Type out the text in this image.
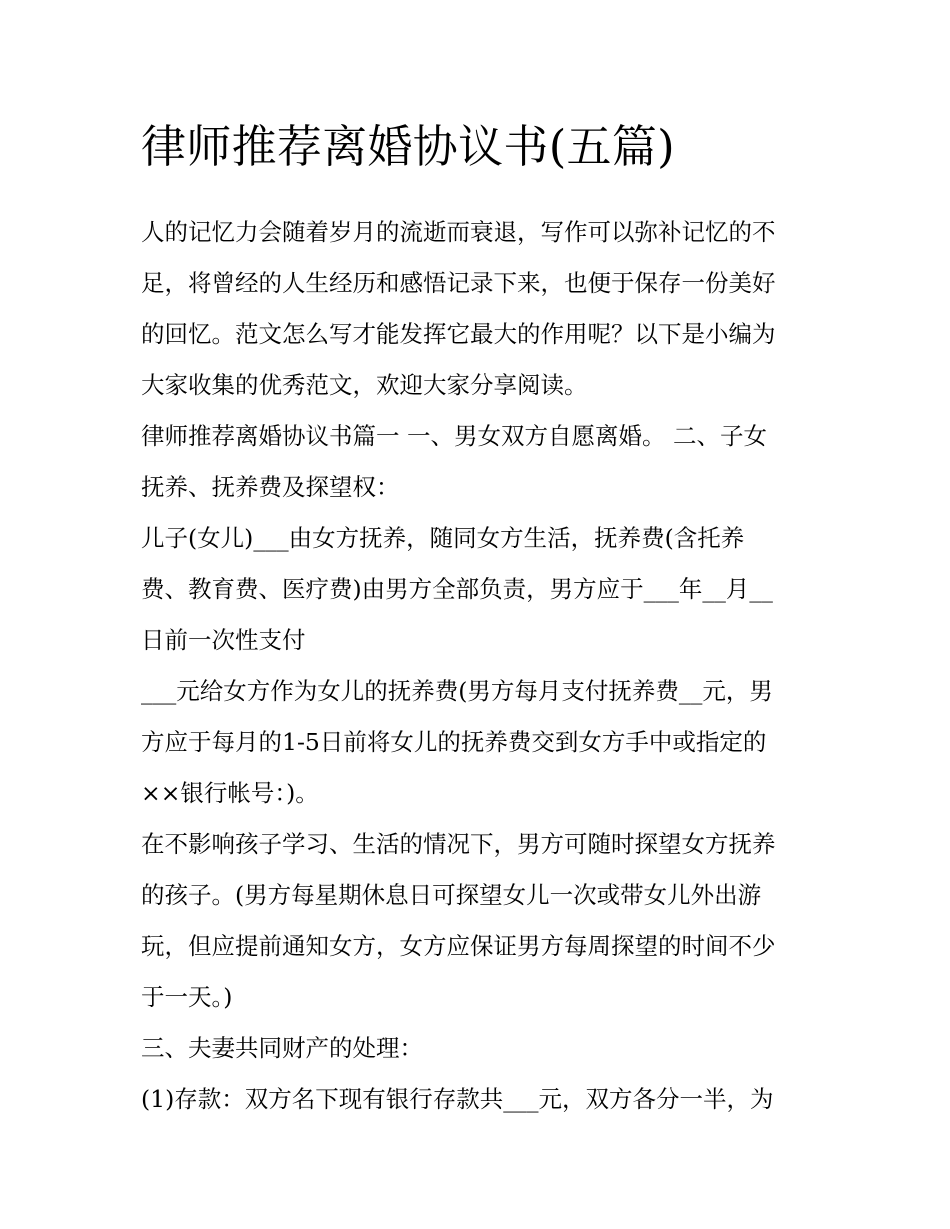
律师推荐离婚协议书(五篇)

人的记忆力会随着岁月的流逝而衰退，写作可以弥补记忆的不
足，将曾经的人生经历和感悟记录下来，也便于保存一份美好
的回忆。范文怎么写才能发挥它最大的作用呢？以下是小编为
大家收集的优秀范文，欢迎大家分享阅读。

律师推荐离婚协议书篇一 一、男女双方自愿离婚。 二、子女
抚养、抚养费及探望权：

儿子(女儿)___由女方抚养，随同女方生活，抚养费(含托养
费、教育费、医疗费)由男方全部负责，男方应于___年__月__
日前一次性支付

___元给女方作为女儿的抚养费(男方每月支付抚养费__元，男
方应于每月的1-5日前将女儿的抚养费交到女方手中或指定的
××银行帐号：)。

在不影响孩子学习、生活的情况下，男方可随时探望女方抚养
的孩子。(男方每星期休息日可探望女儿一次或带女儿外出游
玩，但应提前通知女方，女方应保证男方每周探望的时间不少
于一天。)

三、夫妻共同财产的处理：

(1)存款：双方名下现有银行存款共___元，双方各分一半，为
